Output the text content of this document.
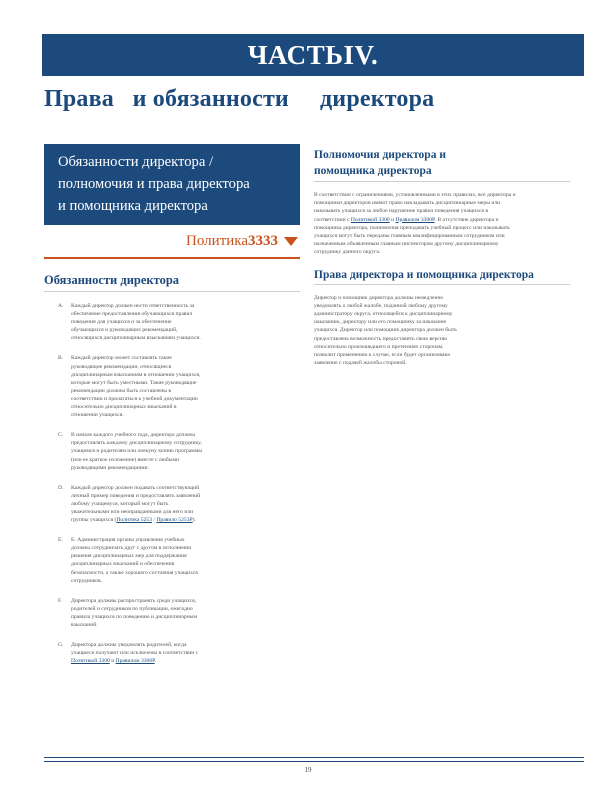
ЧАСТЬIV.
Права   и обязанности     директора
Обязанности директора /
полномочия и права директора
и помощника директора
Политика 3333
Обязанности директора
A.	Каждый директор должен нести ответственность за обеспечение предоставления обучающихся правил поведения для учащихся и за обеспечение обучающихся и руководящих рекомендаций, относящихся дисциплинарным взысканиям учащихся.
B.	Каждый директор может составлять такие руководящие рекомендации, относящиеся дисциплинарным взысканиям в отношении учащихся, которые могут быть уместными. Такие руководящие рекомендации должны быть составлены в соответствии и прилагаться к учебной документации относительно дисциплинарных взысканий в отношении учащихся.
C.	В начале каждого учебного года, директора должны предоставлять каждому дисциплинарному сотруднику, учащимся и родителям или опекуну копию программы (или ее краткое изложение) вместе с любыми руководящими рекомендациями.
D.	Каждый директор должен подавать соответствующий личный пример поведения и предоставлять заявлений любому учащемуся, который могут быть уважительными или неоправданными для него или группы учащихся (Политика 5253 / Правило 5253P).
E.	E. Администрация органы управления учебных должны сотрудничать друг с другом в исполнении решения дисциплинарных мер для поддержания дисциплинарных взысканий и обеспечения безопасности, а также хорошего состояния учащихся сотрудников.
F.	Директора должны распространять среди учащихся, родителей и сотрудников по публикации, ежегодно правила учащихся по поведению и дисциплинарным взысканий.
G.	Директора должны уведомлять родителей, когда учащиеся получают или исключены в соответствии с Политикой 3300 и Правилом 3300P.
Полномочия директора и
помощника директора
В соответствии с ограничениями, установленными в этих правилах, все директора и помощники директоров имеют право накладывать дисциплинарные меры или наказывать учащихся за любое нарушение правил поведения учащихся в соответствии с Политикой 3300 и Правилом 3300P. В отсутствие директора и помощника директора, полномочия преподавать учебный процесс или наказывать учащихся могут быть переданы главным квалифицированным сотрудником или назначенным объявленным главным инспектором другому дисциплинарному сотруднику данного округа.
Права директора и помощника директора
Директор и помощник директора должны немедленно уведомлять о любой жалобе, поданной любому другому администратору округа, относящейся к дисциплинарному наказанию, директору или его помощнику за наказание учащихся. Директор или помощник директора должен быть предоставлена возможность предоставить свою версию относительно произошедшего и претензиях сторонам, позволит применению к случае, если будет организовано заявление с подачей жалобы стороной.
19
